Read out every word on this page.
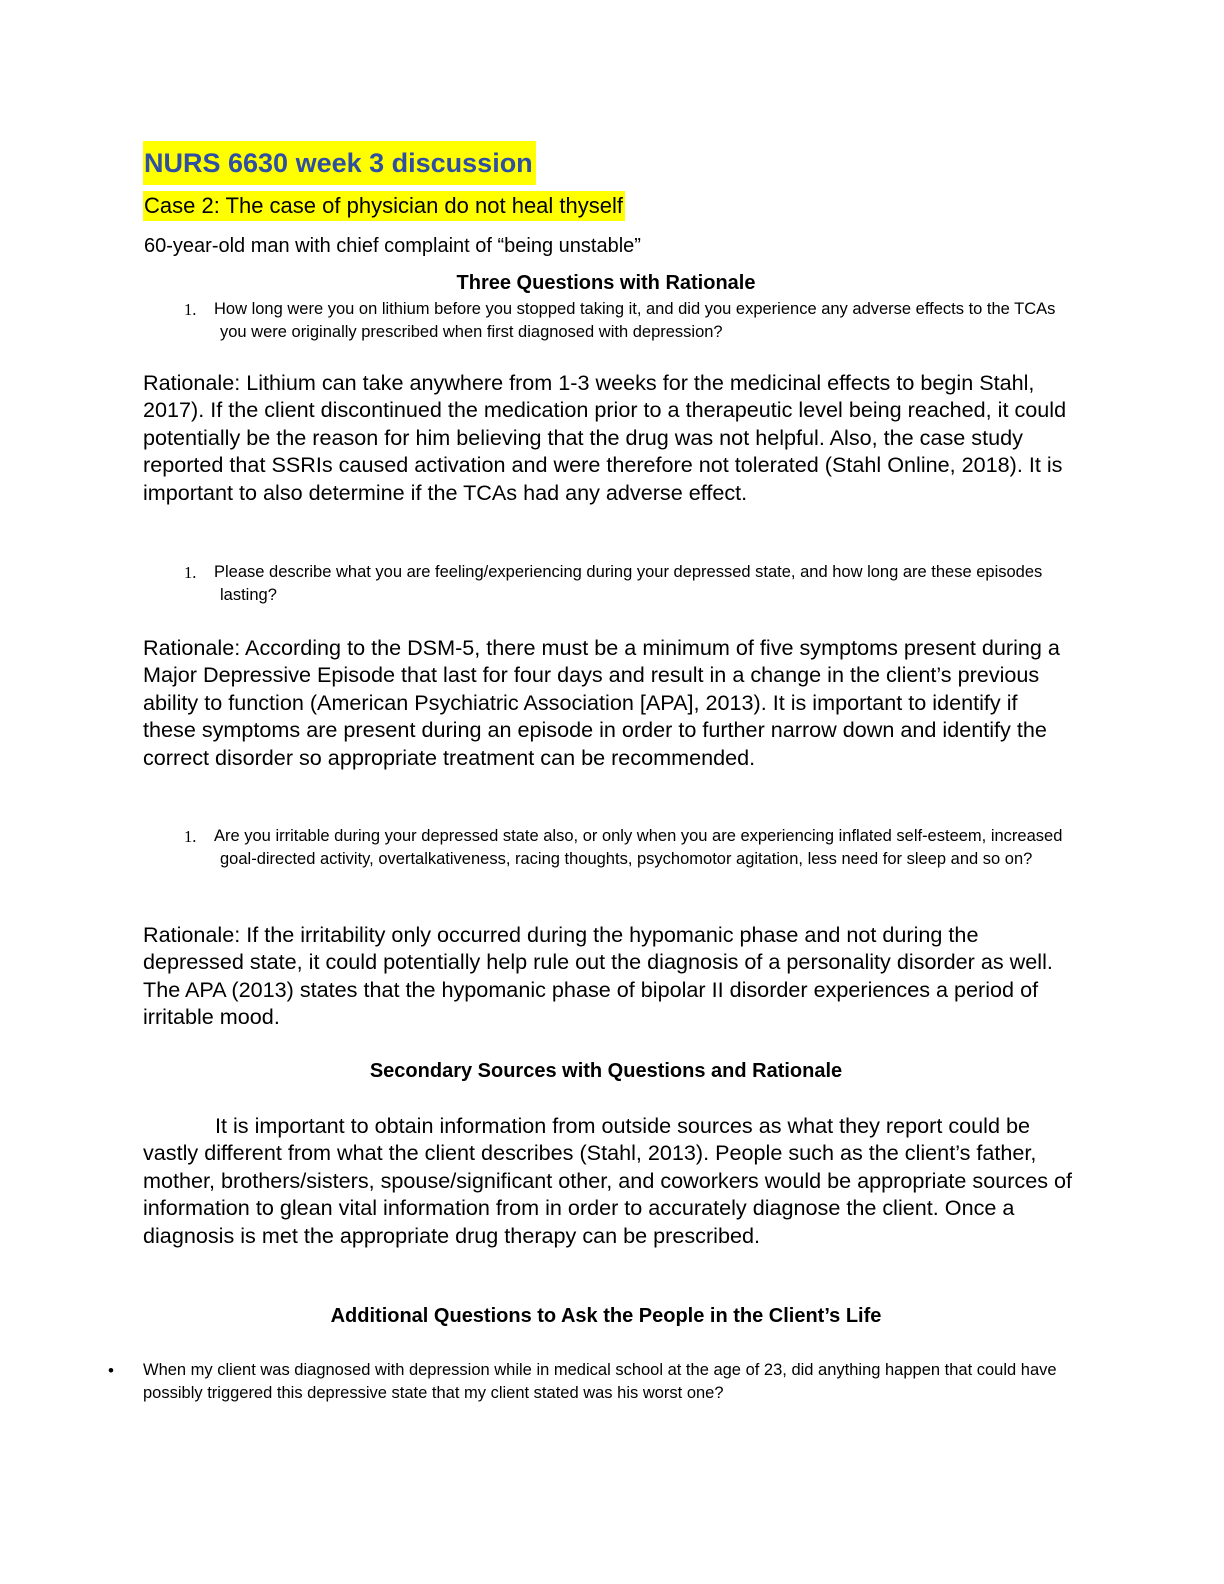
NURS 6630 week 3 discussion
Case 2: The case of physician do not heal thyself
60-year-old man with chief complaint of “being unstable”
Three Questions with Rationale
1. How long were you on lithium before you stopped taking it, and did you experience any adverse effects to the TCAs you were originally prescribed when first diagnosed with depression?
Rationale: Lithium can take anywhere from 1-3 weeks for the medicinal effects to begin Stahl, 2017). If the client discontinued the medication prior to a therapeutic level being reached, it could potentially be the reason for him believing that the drug was not helpful. Also, the case study reported that SSRIs caused activation and were therefore not tolerated (Stahl Online, 2018). It is important to also determine if the TCAs had any adverse effect.
1. Please describe what you are feeling/experiencing during your depressed state, and how long are these episodes lasting?
Rationale: According to the DSM-5, there must be a minimum of five symptoms present during a Major Depressive Episode that last for four days and result in a change in the client’s previous ability to function (American Psychiatric Association [APA], 2013). It is important to identify if these symptoms are present during an episode in order to further narrow down and identify the correct disorder so appropriate treatment can be recommended.
1. Are you irritable during your depressed state also, or only when you are experiencing inflated self-esteem, increased goal-directed activity, overtalkativeness, racing thoughts, psychomotor agitation, less need for sleep and so on?
Rationale: If the irritability only occurred during the hypomanic phase and not during the depressed state, it could potentially help rule out the diagnosis of a personality disorder as well. The APA (2013) states that the hypomanic phase of bipolar II disorder experiences a period of irritable mood.
Secondary Sources with Questions and Rationale
It is important to obtain information from outside sources as what they report could be vastly different from what the client describes (Stahl, 2013). People such as the client’s father, mother, brothers/sisters, spouse/significant other, and coworkers would be appropriate sources of information to glean vital information from in order to accurately diagnose the client. Once a diagnosis is met the appropriate drug therapy can be prescribed.
Additional Questions to Ask the People in the Client’s Life
• When my client was diagnosed with depression while in medical school at the age of 23, did anything happen that could have possibly triggered this depressive state that my client stated was his worst one?
